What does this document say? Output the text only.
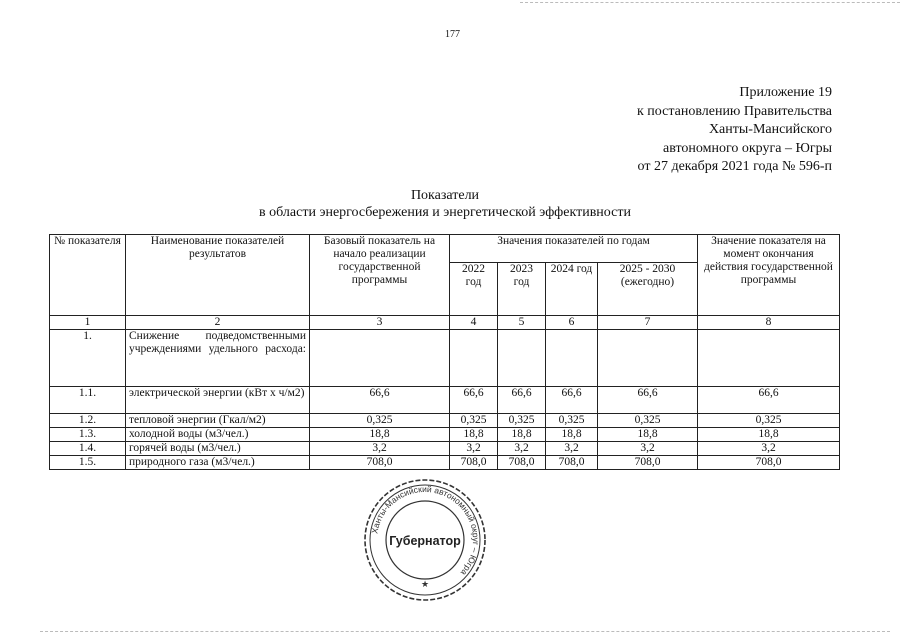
177
Приложение 19
к постановлению Правительства
Ханты-Мансийского
автономного округа – Югры
от 27 декабря 2021 года № 596-п
Показатели
в области энергосбережения и энергетической эффективности
№ показателя	Наименование показателей результатов	Базовый показатель на начало реализации государственной программы	Значения показателей по годам				Значение показателя на момент окончания действия государственной программы
			2022 год	2023 год	2024 год	2025 - 2030 (ежегодно)	
1	2	3	4	5	6	7	8
1.	Снижение подведомственными учреждениями удельного расхода:						
1.1.	электрической энергии (кВт х ч/м2)	66,6	66,6	66,6	66,6	66,6	66,6
1.2.	тепловой энергии (Гкал/м2)	0,325	0,325	0,325	0,325	0,325	0,325
1.3.	холодной воды (м3/чел.)	18,8	18,8	18,8	18,8	18,8	18,8
1.4.	горячей воды (м3/чел.)	3,2	3,2	3,2	3,2	3,2	3,2
1.5.	природного газа (м3/чел.)	708,0	708,0	708,0	708,0	708,0	708,0
Ханты-Мансийский автономный округ – Югра
Губернатор
★
